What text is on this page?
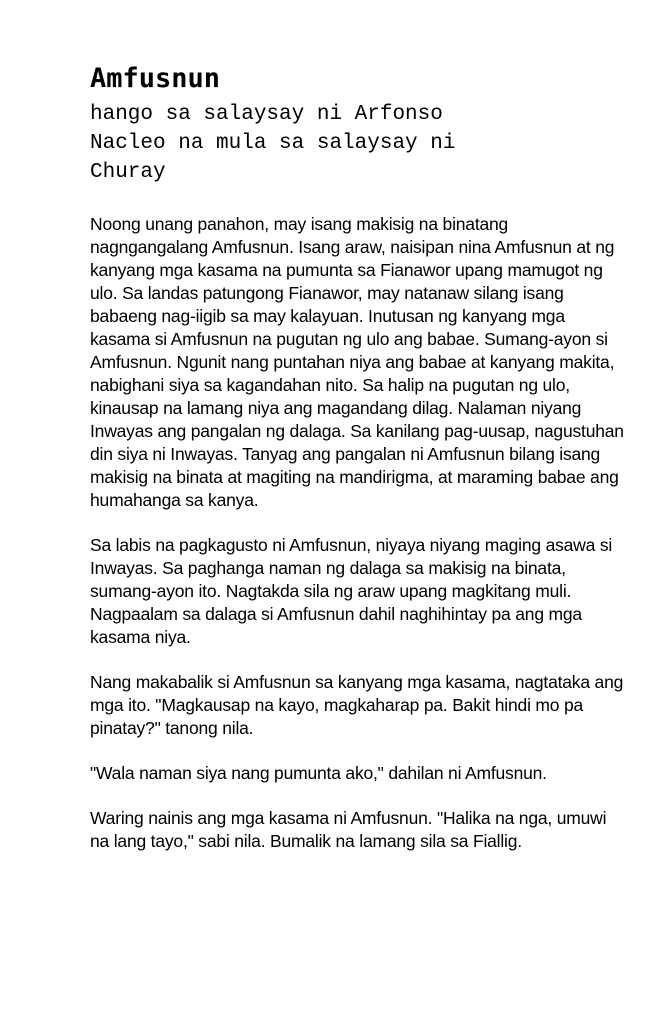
Amfusnun
hango sa salaysay ni Arfonso
Nacleo na mula sa salaysay ni
Churay

Noong unang panahon, may isang makisig na binatang nagngangalang Amfusnun. Isang araw, naisipan nina Amfusnun at ng kanyang mga kasama na pumunta sa Fianawor upang mamugot ng ulo. Sa landas patungong Fianawor, may natanaw silang isang babaeng nag-iigib sa may kalayuan. Inutusan ng kanyang mga kasama si Amfusnun na pugutan ng ulo ang babae. Sumang-ayon si Amfusnun. Ngunit nang puntahan niya ang babae at kanyang makita, nabighani siya sa kagandahan nito. Sa halip na pugutan ng ulo, kinausap na lamang niya ang magandang dilag. Nalaman niyang Inwayas ang pangalan ng dalaga. Sa kanilang pag-uusap, nagustuhan din siya ni Inwayas. Tanyag ang pangalan ni Amfusnun bilang isang makisig na binata at magiting na mandirigma, at maraming babae ang humahanga sa kanya.

Sa labis na pagkagusto ni Amfusnun, niyaya niyang maging asawa si Inwayas. Sa paghanga naman ng dalaga sa makisig na binata, sumang-ayon ito. Nagtakda sila ng araw upang magkitang muli. Nagpaalam sa dalaga si Amfusnun dahil naghihintay pa ang mga kasama niya.

Nang makabalik si Amfusnun sa kanyang mga kasama, nagtataka ang mga ito. "Magkausap na kayo, magkaharap pa. Bakit hindi mo pa pinatay?" tanong nila.

"Wala naman siya nang pumunta ako," dahilan ni Amfusnun.

Waring nainis ang mga kasama ni Amfusnun. "Halika na nga, umuwi na lang tayo," sabi nila. Bumalik na lamang sila sa Fiallig.
